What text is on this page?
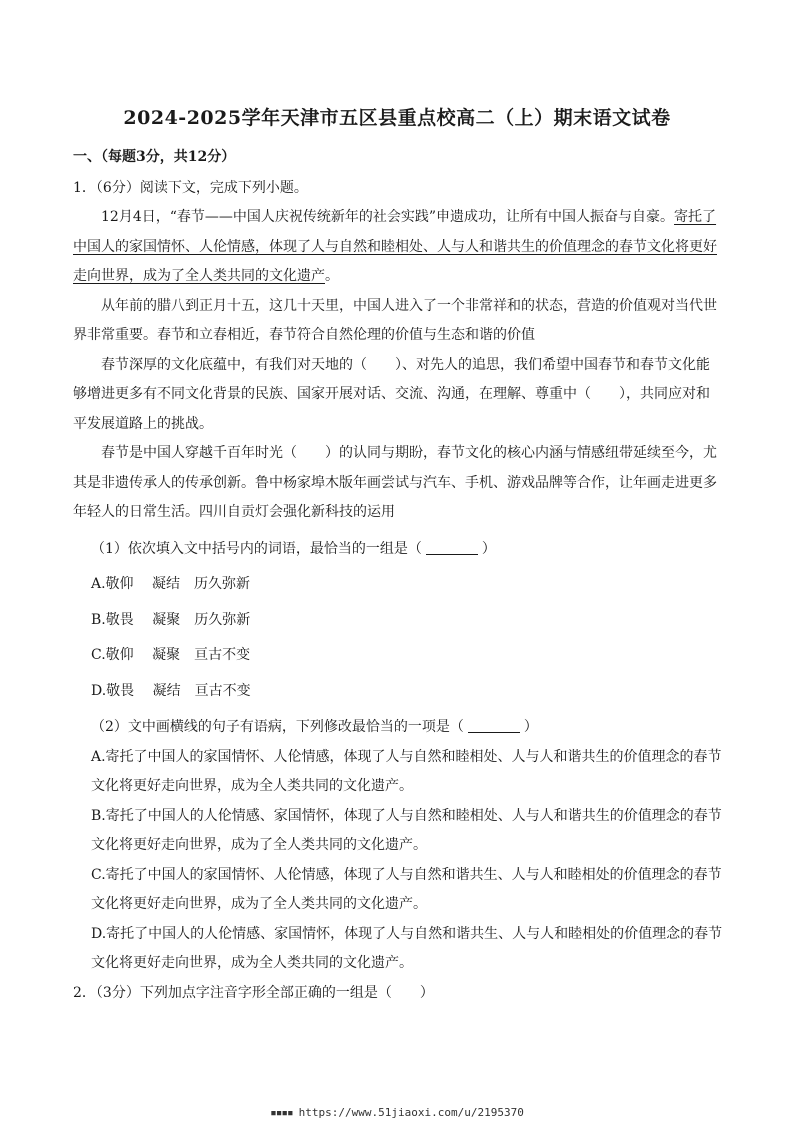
2024-2025学年天津市五区县重点校高二（上）期末语文试卷

一、（每题3分，共12分）

1．（6分）阅读下文，完成下列小题。

12月4日，“春节——中国人庆祝传统新年的社会实践”申遗成功，让所有中国人振奋与自豪。寄托了中国人的家国情怀、人伦情感，体现了人与自然和睦相处、人与人和谐共生的价值理念的春节文化将更好走向世界，成为了全人类共同的文化遗产。

从年前的腊八到正月十五，这几十天里，中国人进入了一个非常祥和的状态，营造的价值观对当代世界非常重要。春节和立春相近，春节符合自然伦理的价值与生态和谐的价值

春节深厚的文化底蕴中，有我们对天地的（　　）、对先人的追思，我们希望中国春节和春节文化能够增进更多有不同文化背景的民族、国家开展对话、交流、沟通，在理解、尊重中（　　），共同应对和平发展道路上的挑战。

春节是中国人穿越千百年时光（　　）的认同与期盼，春节文化的核心内涵与情感纽带延续至今，尤其是非遗传承人的传承创新。鲁中杨家埠木版年画尝试与汽车、手机、游戏品牌等合作，让年画走进更多年轻人的日常生活。四川自贡灯会强化新科技的运用

（1）依次填入文中括号内的词语，最恰当的一组是（	）

A.敬仰　 凝结　历久弥新

B.敬畏　 凝聚　历久弥新

C.敬仰　 凝聚　亘古不变

D.敬畏　 凝结　亘古不变

（2）文中画横线的句子有语病，下列修改最恰当的一项是（	）

A.寄托了中国人的家国情怀、人伦情感，体现了人与自然和睦相处、人与人和谐共生的价值理念的春节文化将更好走向世界，成为全人类共同的文化遗产。

B.寄托了中国人的人伦情感、家国情怀，体现了人与自然和睦相处、人与人和谐共生的价值理念的春节文化将更好走向世界，成为了全人类共同的文化遗产。

C.寄托了中国人的家国情怀、人伦情感，体现了人与自然和谐共生、人与人和睦相处的价值理念的春节文化将更好走向世界，成为了全人类共同的文化遗产。

D.寄托了中国人的人伦情感、家国情怀，体现了人与自然和谐共生、人与人和睦相处的价值理念的春节文化将更好走向世界，成为全人类共同的文化遗产。

2．（3分）下列加点字注音字形全部正确的一组是（　　）

▪▪▪▪ https://www.51jiaoxi.com/u/2195370
